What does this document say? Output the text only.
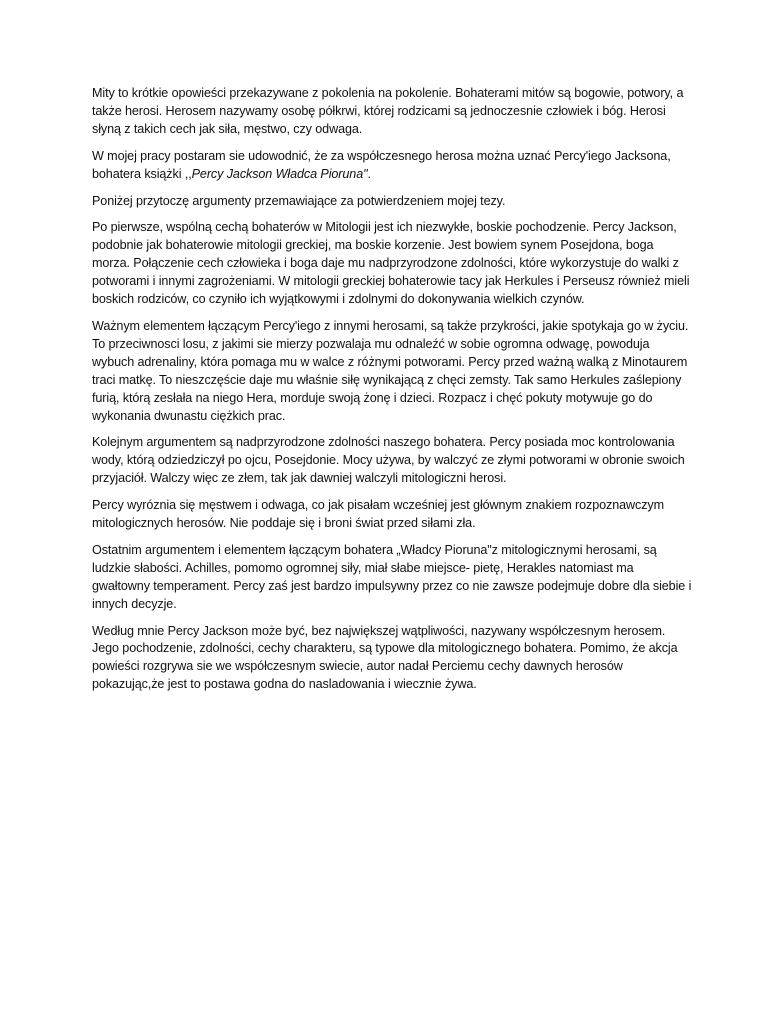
Mity to krótkie opowieści przekazywane z pokolenia na pokolenie. Bohaterami mitów są bogowie, potwory, a także herosi. Herosem nazywamy osobę półkrwi, której rodzicami są jednoczesnie człowiek i bóg. Herosi słyną z takich cech jak siła, męstwo, czy odwaga.

W mojej pracy postaram sie udowodnić, że za współczesnego herosa można uznać Percy'iego Jacksona, bohatera książki ,,Percy Jackson Władca Pioruna".

Poniżej przytoczę argumenty przemawiające za potwierdzeniem mojej tezy.

Po pierwsze, wspólną cechą bohaterów w Mitologii jest ich niezwykłe, boskie pochodzenie. Percy Jackson, podobnie jak bohaterowie mitologii greckiej, ma boskie korzenie. Jest bowiem synem Posejdona, boga morza. Połączenie cech człowieka i boga daje mu nadprzyrodzone zdolności, które wykorzystuje do walki z potworami i innymi zagrożeniami. W mitologii greckiej bohaterowie tacy jak Herkules i Perseusz również mieli boskich rodziców, co czyniło ich wyjątkowymi i zdolnymi do dokonywania wielkich czynów.

Ważnym elementem łączącym Percy'iego z innymi herosami, są także przykrości, jakie spotykaja go w życiu. To przeciwnosci losu, z jakimi sie mierzy pozwalaja mu odnaleźć w sobie ogromna odwagę, powoduja wybuch adrenaliny, która pomaga mu w walce z różnymi potworami. Percy przed ważną walką z Minotaurem traci matkę. To nieszczęście daje mu właśnie siłę wynikającą z chęci zemsty. Tak samo Herkules zaślepiony furią, którą zesłała na niego Hera, morduje swoją żonę i dzieci. Rozpacz i chęć pokuty motywuje go do wykonania dwunastu ciężkich prac.

Kolejnym argumentem są nadprzyrodzone zdolności naszego bohatera. Percy posiada moc kontrolowania wody, którą odziedziczył po ojcu, Posejdonie. Mocy używa, by walczyć ze złymi potworami w obronie swoich przyjaciół. Walczy więc ze złem, tak jak dawniej walczyli mitologiczni herosi.

Percy wyróznia się męstwem i odwaga, co jak pisałam wcześniej jest głównym znakiem rozpoznawczym mitologicznych herosów. Nie poddaje się i broni świat przed siłami zła.

Ostatnim argumentem i elementem łączącym bohatera „Władcy Pioruna"z mitologicznymi herosami, są ludzkie słabości. Achilles, pomomo ogromnej siły, miał słabe miejsce- pietę, Herakles natomiast ma gwałtowny temperament. Percy zaś jest bardzo impulsywny przez co nie zawsze podejmuje dobre dla siebie i innych decyzje.

Według mnie Percy Jackson może być, bez największej wątpliwości, nazywany współczesnym herosem. Jego pochodzenie, zdolności, cechy charakteru, są typowe dla mitologicznego bohatera. Pomimo, że akcja powieści rozgrywa sie we współczesnym swiecie, autor nadał Perciemu cechy dawnych herosów pokazując,że jest to postawa godna do nasladowania i wiecznie żywa.
